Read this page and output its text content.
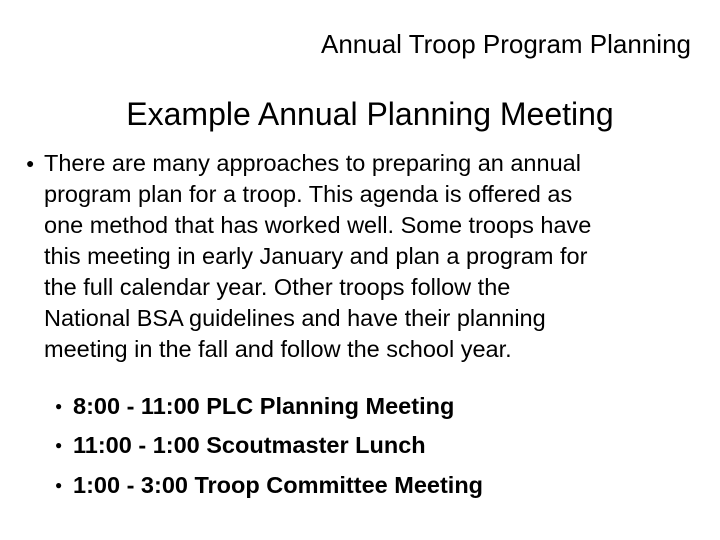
Annual Troop Program Planning
Example Annual Planning Meeting
● There are many approaches to preparing an annual
program plan for a troop. This agenda is offered as
one method that has worked well. Some troops have
this meeting in early January and plan a program for
the full calendar year. Other troops follow the
National BSA guidelines and have their planning
meeting in the fall and follow the school year.
● 8:00 - 11:00 PLC Planning Meeting
● 11:00 - 1:00 Scoutmaster Lunch
● 1:00 - 3:00 Troop Committee Meeting
